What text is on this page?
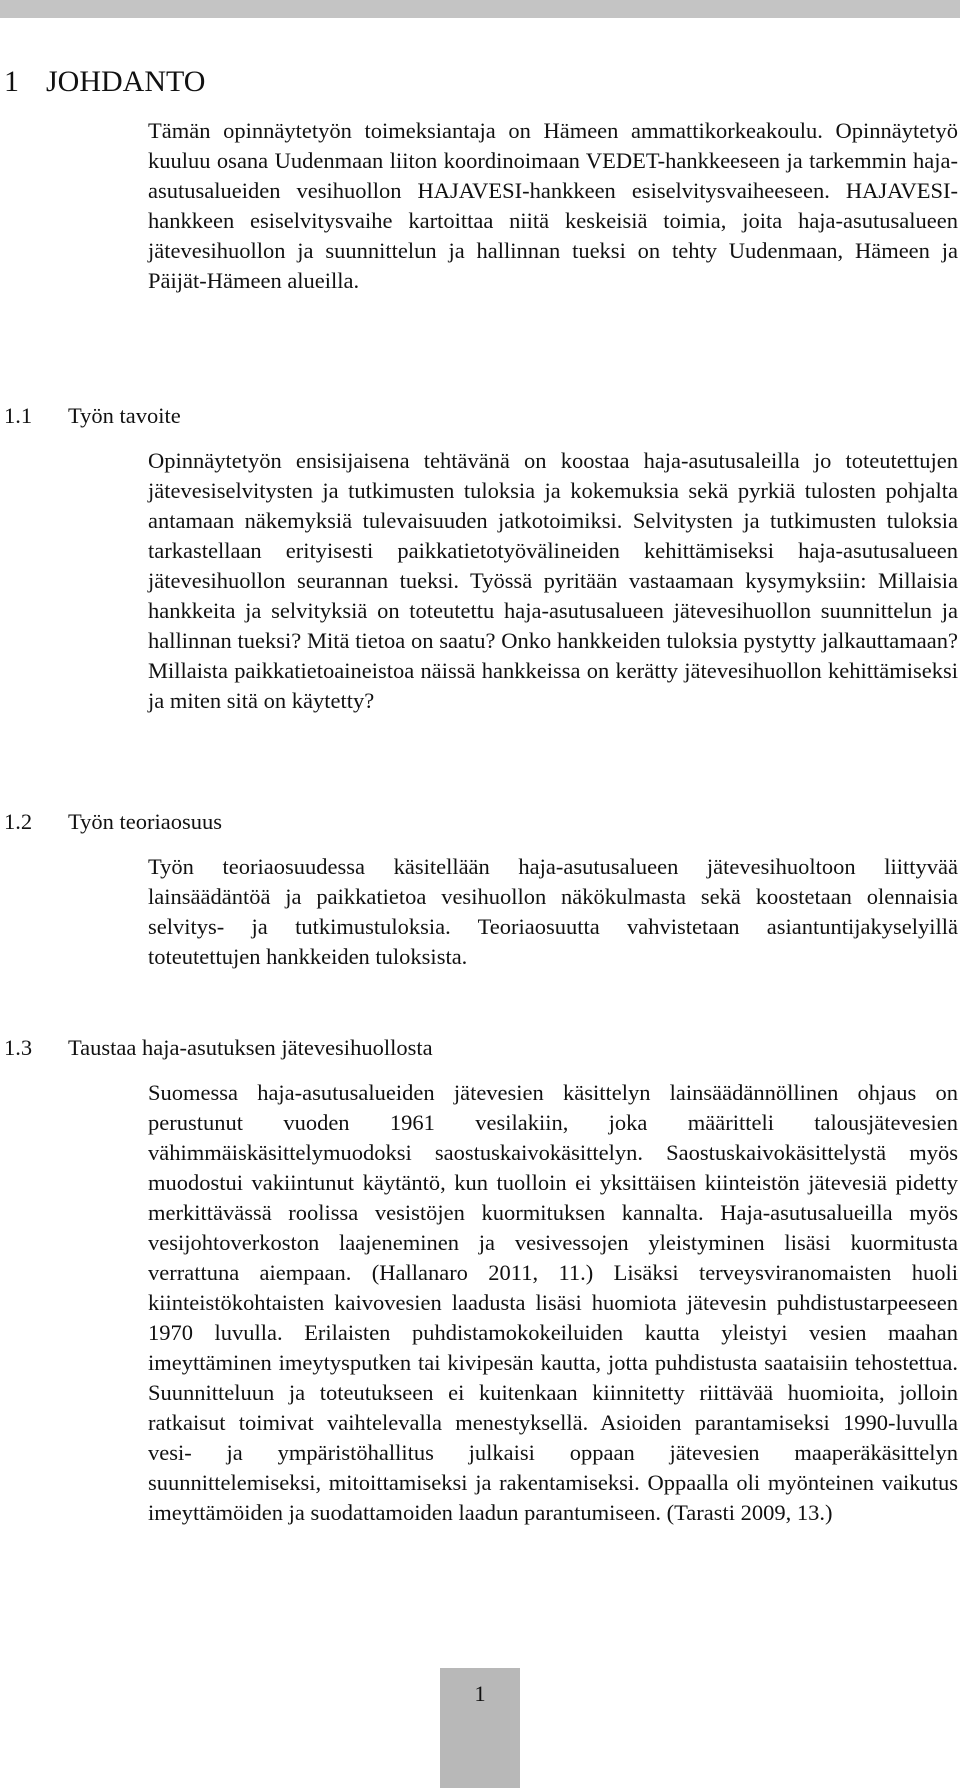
1 JOHDANTO

Tämän opinnäytetyön toimeksiantaja on Hämeen ammattikorkeakoulu. Opinnäytetyö kuuluu osana Uudenmaan liiton koordinoimaan VEDET-hankkeeseen ja tarkemmin haja-asutusalueiden vesihuollon HAJAVESI-hankkeen esiselvitysvaiheeseen. HAJAVESI-hankkeen esiselvitysvaihe kartoittaa niitä keskeisiä toimia, joita haja-asutusalueen jätevesihuollon ja suunnittelun ja hallinnan tueksi on tehty Uudenmaan, Hämeen ja Päijät-Hämeen alueilla.

1.1 Työn tavoite

Opinnäytetyön ensisijaisena tehtävänä on koostaa haja-asutusaleilla jo toteutettujen jätevesiselvitysten ja tutkimusten tuloksia ja kokemuksia sekä pyrkiä tulosten pohjalta antamaan näkemyksiä tulevaisuuden jatkotoimiksi. Selvitysten ja tutkimusten tuloksia tarkastellaan erityisesti paikkatietotyövälineiden kehittämiseksi haja-asutusalueen jätevesihuollon seurannan tueksi. Työssä pyritään vastaamaan kysymyksiin: Millaisia hankkeita ja selvityksiä on toteutettu haja-asutusalueen jätevesihuollon suunnittelun ja hallinnan tueksi? Mitä tietoa on saatu? Onko hankkeiden tuloksia pystytty jalkauttamaan? Millaista paikkatietoaineistoa näissä hankkeissa on kerätty jätevesihuollon kehittämiseksi ja miten sitä on käytetty?

1.2 Työn teoriaosuus

Työn teoriaosuudessa käsitellään haja-asutusalueen jätevesihuoltoon liittyvää lainsäädäntöä ja paikkatietoa vesihuollon näkökulmasta sekä koostetaan olennaisia selvitys- ja tutkimustuloksia. Teoriaosuutta vahvistetaan asiantuntijakyselyillä toteutettujen hankkeiden tuloksista.

1.3 Taustaa haja-asutuksen jätevesihuollosta

Suomessa haja-asutusalueiden jätevesien käsittelyn lainsäädännöllinen ohjaus on perustunut vuoden 1961 vesilakiin, joka määritteli talousjätevesien vähimmäiskäsittelymuodoksi saostuskaivokäsittelyn. Saostuskaivokäsittelystä myös muodostui vakiintunut käytäntö, kun tuolloin ei yksittäisen kiinteistön jätevesiä pidetty merkittävässä roolissa vesistöjen kuormituksen kannalta. Haja-asutusalueilla myös vesijohtoverkoston laajeneminen ja vesivessojen yleistyminen lisäsi kuormitusta verrattuna aiempaan. (Hallanaro 2011, 11.) Lisäksi terveysviranomaisten huoli kiinteistökohtaisten kaivovesien laadusta lisäsi huomiota jätevesin puhdistustarpeeseen 1970 luvulla. Erilaisten puhdistamokokeiluiden kautta yleistyi vesien maahan imeyttäminen imeytysputken tai kivipesän kautta, jotta puhdistusta saataisiin tehostettua. Suunnitteluun ja toteutukseen ei kuitenkaan kiinnitetty riittävää huomioita, jolloin ratkaisut toimivat vaihtelevalla menestyksellä. Asioiden parantamiseksi 1990-luvulla vesi- ja ympäristöhallitus julkaisi oppaan jätevesien maaperäkäsittelyn suunnittelemiseksi, mitoittamiseksi ja rakentamiseksi. Oppaalla oli myönteinen vaikutus imeyttämöiden ja suodattamoiden laadun parantumiseen. (Tarasti 2009, 13.)

1
